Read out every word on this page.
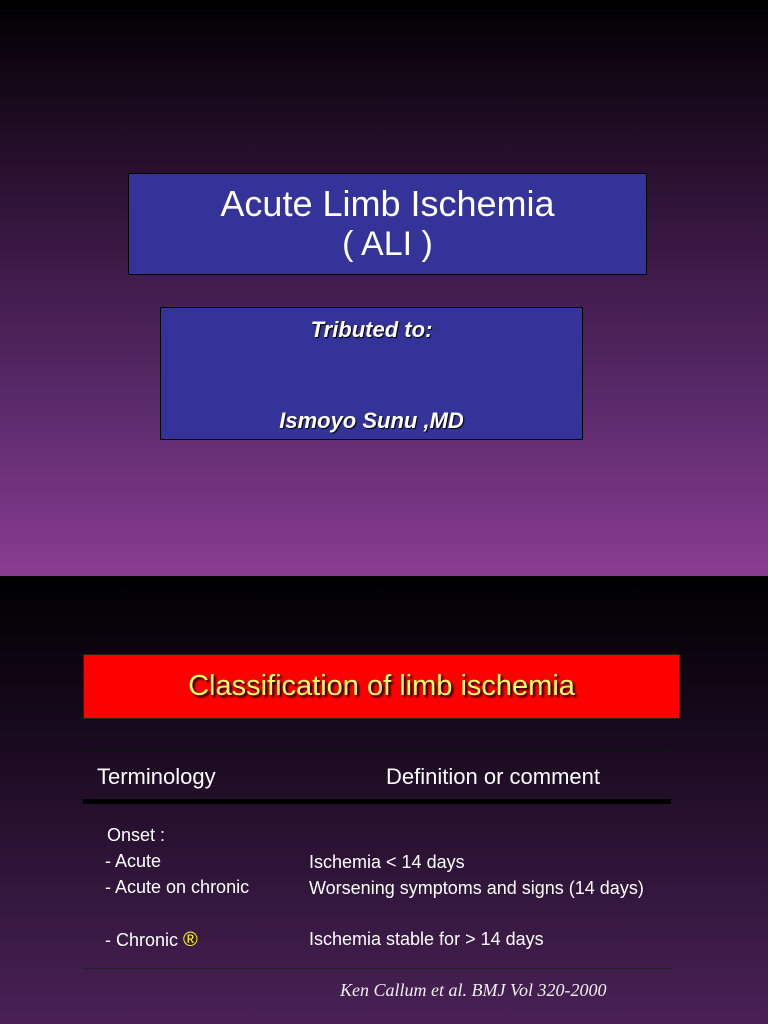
Acute Limb Ischemia
( ALI )
Tributed to:
Ismoyo Sunu ,MD
Classification of limb ischemia
Terminology	Definition or comment
Onset :
- Acute	Ischemia < 14 days
- Acute on chronic	Worsening symptoms and signs (14 days)
- Chronic ®	Ischemia stable for > 14 days
Ken Callum et al. BMJ Vol 320-2000
